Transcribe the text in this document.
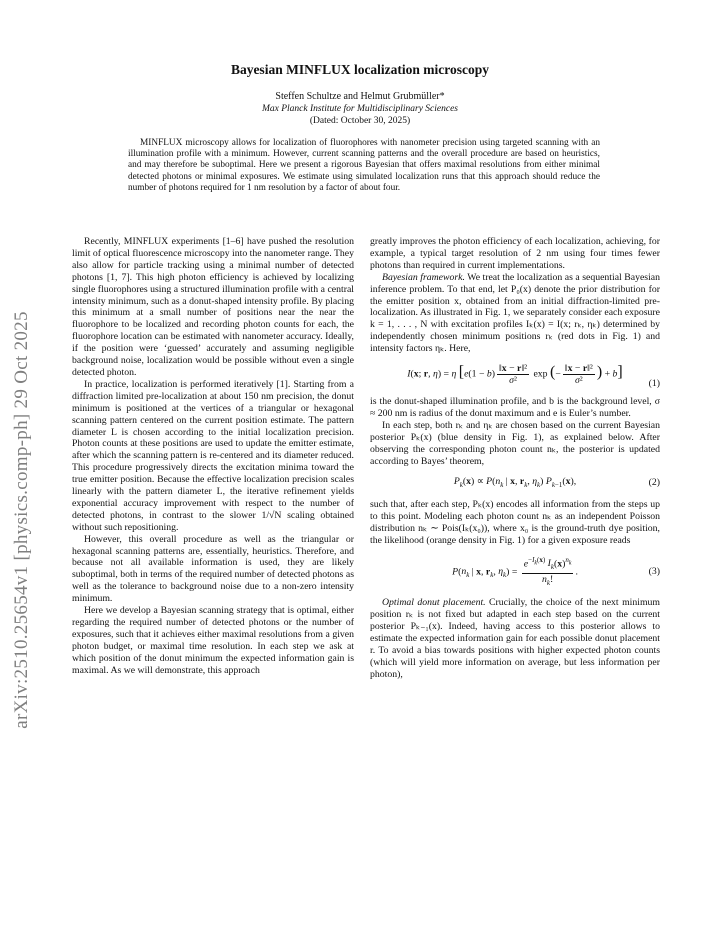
arXiv:2510.25654v1 [physics.comp-ph] 29 Oct 2025
Bayesian MINFLUX localization microscopy
Steffen Schultze and Helmut Grubmüller*
Max Planck Institute for Multidisciplinary Sciences
(Dated: October 30, 2025)

MINFLUX microscopy allows for localization of fluorophores with nanometer precision using targeted scanning with an illumination profile with a minimum. However, current scanning patterns and the overall procedure are based on heuristics, and may therefore be suboptimal. Here we present a rigorous Bayesian that offers maximal resolutions from either minimal detected photons or minimal exposures. We estimate using simulated localization runs that this approach should reduce the number of photons required for 1 nm resolution by a factor of about four.

Recently, MINFLUX experiments [1–6] have pushed the resolution limit of optical fluorescence microscopy into the nanometer range. They also allow for particle tracking using a minimal number of detected photons [1, 7]. This high photon efficiency is achieved by localizing single fluorophores using a structured illumination profile with a central intensity minimum, such as a donut-shaped intensity profile. By placing this minimum at a small number of positions near the near the fluorophore to be localized and recording photon counts for each, the fluorophore location can be estimated with nanometer accuracy. Ideally, if the position were ‘guessed’ accurately and assuming negligible background noise, localization would be possible without even a single detected photon.

In practice, localization is performed iteratively [1]. Starting from a diffraction limited pre-localization at about 150 nm precision, the donut minimum is positioned at the vertices of a triangular or hexagonal scanning pattern centered on the current position estimate. The pattern diameter L is chosen according to the initial localization precision. Photon counts at these positions are used to update the emitter estimate, after which the scanning pattern is re-centered and its diameter reduced. This procedure progressively directs the excitation minima toward the true emitter position. Because the effective localization precision scales linearly with the pattern diameter L, the iterative refinement yields exponential accuracy improvement with respect to the number of detected photons, in contrast to the slower 1/√N scaling obtained without such repositioning.

However, this overall procedure as well as the triangular or hexagonal scanning patterns are, essentially, heuristics. Therefore, and because not all available information is used, they are likely suboptimal, both in terms of the required number of detected photons as well as the tolerance to background noise due to a non-zero intensity minimum.

Here we develop a Bayesian scanning strategy that is optimal, either regarding the required number of detected photons or the number of exposures, such that it achieves either maximal resolutions from a given photon budget, or maximal time resolution. In each step we ask at which position of the donut minimum the expected information gain is maximal. As we will demonstrate, this approach

greatly improves the photon efficiency of each localization, achieving, for example, a typical target resolution of 2 nm using four times fewer photons than required in current implementations.

Bayesian framework. We treat the localization as a sequential Bayesian inference problem. To that end, let P₀(x) denote the prior distribution for the emitter position x, obtained from an initial diffraction-limited pre-localization. As illustrated in Fig. 1, we separately consider each exposure k = 1, . . . , N with excitation profiles Iₖ(x) = I(x; rₖ, ηₖ) determined by independently chosen minimum positions rₖ (red dots in Fig. 1) and intensity factors ηₖ. Here,

I(x; r, η) = η [$e(1 - b) \frac{\text{‖x − r‖²}}{\text{σ²}}$ exp (− $\frac{\text{‖x − r‖²}}{\text{σ²}}$ ) + b]
(1)

is the donut-shaped illumination profile, and b is the background level, σ ≈ 200 nm is radius of the donut maximum and e is Euler’s number.

In each step, both rₖ and ηₖ are chosen based on the current Bayesian posterior Pₖ(x) (blue density in Fig. 1), as explained below. After observing the corresponding photon count nₖ, the posterior is updated according to Bayes’ theorem,

$P_k(x) \propto P(n_k$ | x, $r_k$, $\eta_k$) $P_{k-1}(x)$,	(2)

such that, after each step, Pₖ(x) encodes all information from the steps up to this point. Modeling each photon count nₖ as an independent Poisson distribution nₖ ∼ Pois(Iₖ(x₀)), where x₀ is the ground-truth dye position, the likelihood (orange density in Fig. 1) for a given exposure reads

$P(n_k$ | x, $r_k$, $\eta_k) = \frac{e^{-I_k(x)} I_k(x)^{n_k}}{n_k!}$ .	(3)

Optimal donut placement. Crucially, the choice of the next minimum position rₖ is not fixed but adapted in each step based on the current posterior Pₖ₋₁(x). Indeed, having access to this posterior allows to estimate the expected information gain for each possible donut placement r. To avoid a bias towards positions with higher expected photon counts (which will yield more information on average, but less information per photon),
